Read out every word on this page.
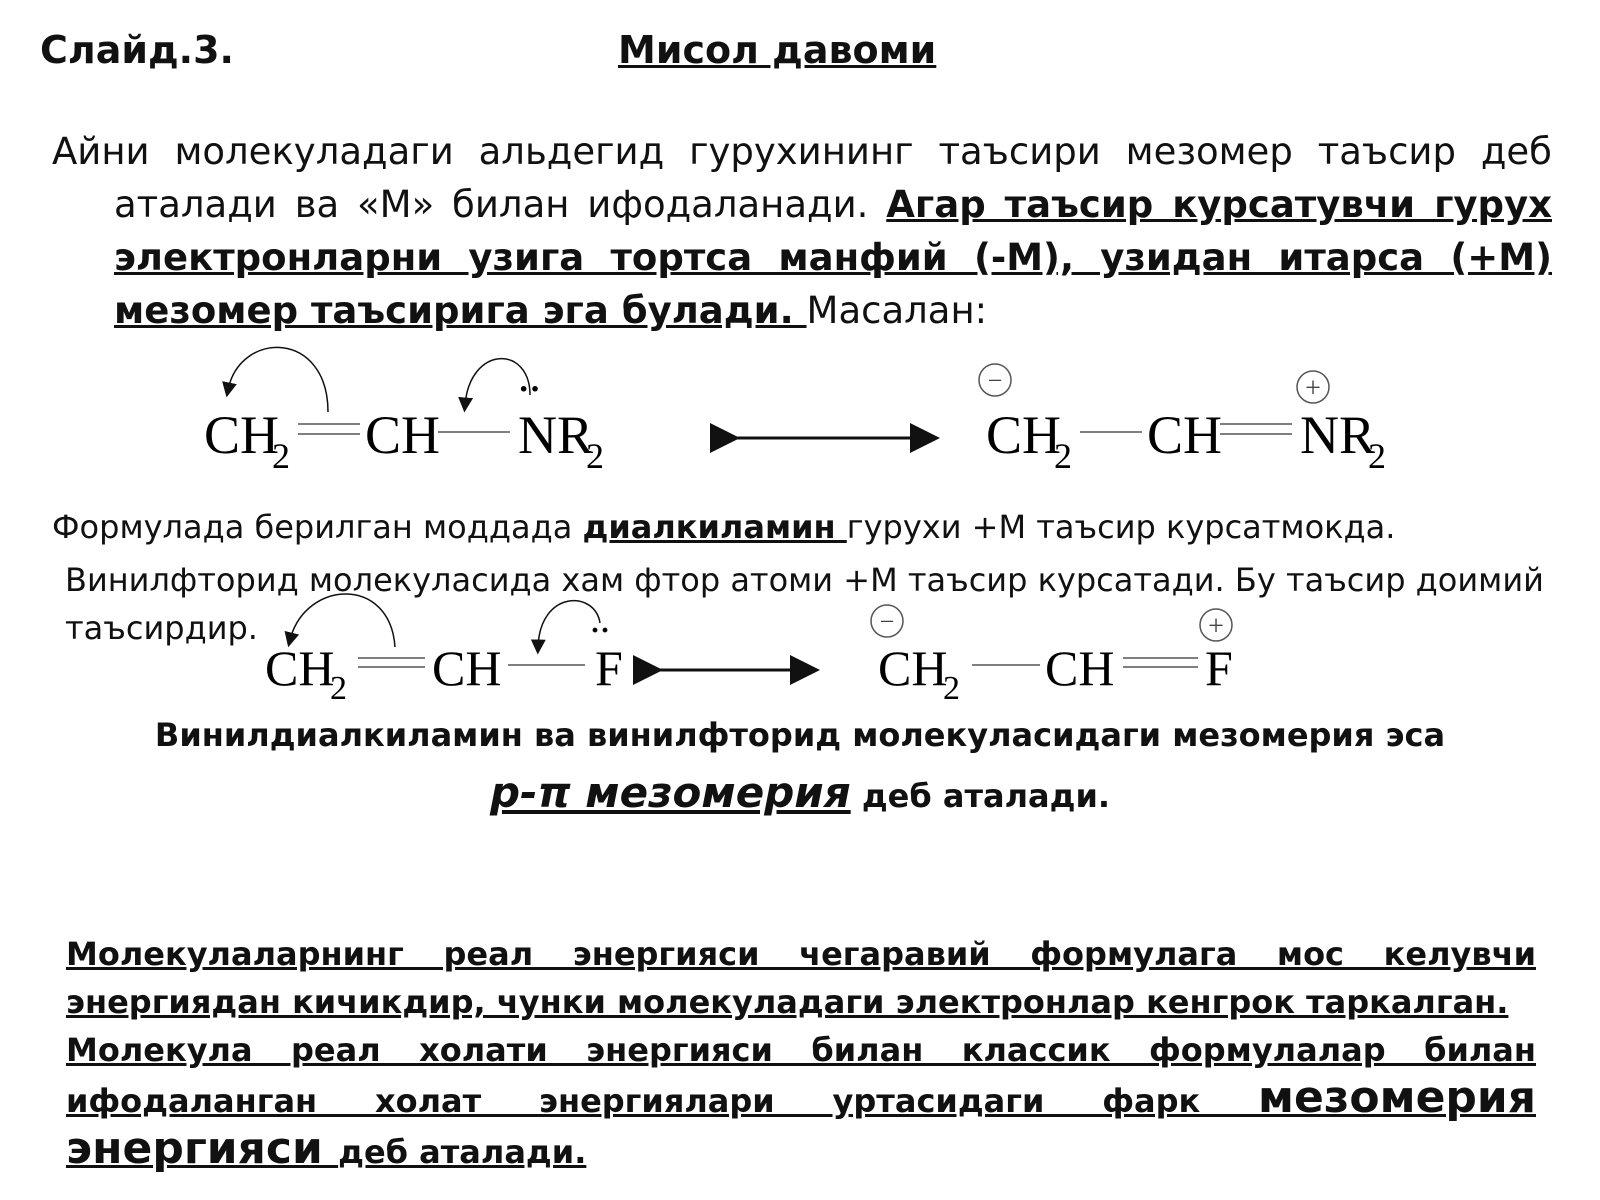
Слайд.3.	Мисол давоми
Айни молекуладаги альдегид гурухининг таъсири мезомер таъсир деб аталади ва «М» билан ифодаланади. Агар таъсир курсатувчи гурух электронларни узига тортса манфий (-М), узидан итарса (+М) мезомер таъсирига эга булади. Масалан:
CH
2 CH NR
2
··	−
CH
2 CH NR
2
+
Формулада берилган моддада диалкиламин гурухи +М таъсир курсатмокда.
Винилфторид молекуласида хам фтор атоми +М таъсир курсатади. Бу таъсир доимий таъсирдир.
CH
2 CH F
··	−
CH
2 CH F
+
Винилдиалкиламин ва винилфторид молекуласидаги мезомерия эса
р-π мезомерия деб аталади.
Молекулаларнинг реал энергияси чегаравий формулага мос келувчи энергиядан кичикдир, чунки молекуладаги электронлар кенгрок таркалган.
Молекула реал холати энергияси билан классик формулалар билан ифодаланган холат энергиялари уртасидаги фарк мезомерия энергияси деб аталади.
